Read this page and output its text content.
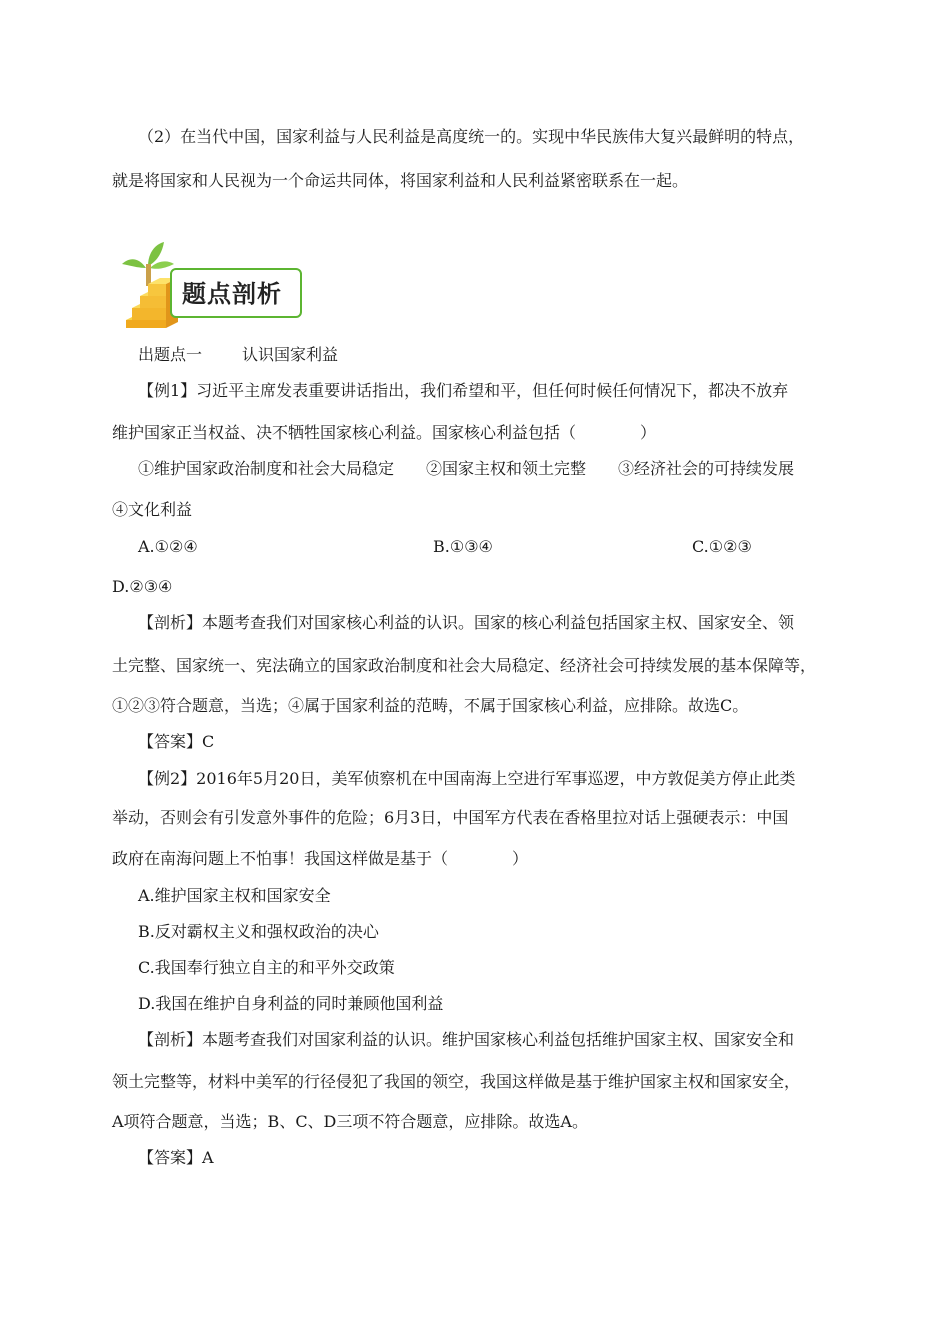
（2）在当代中国，国家利益与人民利益是高度统一的。实现中华民族伟大复兴最鲜明的特点，
就是将国家和人民视为一个命运共同体，将国家利益和人民利益紧密联系在一起。
题点剖析
出题点一 认识国家利益
【例1】习近平主席发表重要讲话指出，我们希望和平，但任何时候任何情况下，都决不放弃
维护国家正当权益、决不牺牲国家核心利益。国家核心利益包括（　　　　）
①维护国家政治制度和社会大局稳定　　②国家主权和领土完整　　③经济社会的可持续发展
④文化利益
A.①②④	B.①③④	C.①②③
D.②③④
【剖析】本题考查我们对国家核心利益的认识。国家的核心利益包括国家主权、国家安全、领
土完整、国家统一、宪法确立的国家政治制度和社会大局稳定、经济社会可持续发展的基本保障等，
①②③符合题意，当选；④属于国家利益的范畴，不属于国家核心利益，应排除。故选C。
【答案】C
【例2】2016年5月20日，美军侦察机在中国南海上空进行军事巡逻，中方敦促美方停止此类
举动，否则会有引发意外事件的危险；6月3日，中国军方代表在香格里拉对话上强硬表示：中国
政府在南海问题上不怕事！我国这样做是基于（　　　　）
A.维护国家主权和国家安全
B.反对霸权主义和强权政治的决心
C.我国奉行独立自主的和平外交政策
D.我国在维护自身利益的同时兼顾他国利益
【剖析】本题考查我们对国家利益的认识。维护国家核心利益包括维护国家主权、国家安全和
领土完整等，材料中美军的行径侵犯了我国的领空，我国这样做是基于维护国家主权和国家安全，
A项符合题意，当选；B、C、D三项不符合题意，应排除。故选A。
【答案】A
